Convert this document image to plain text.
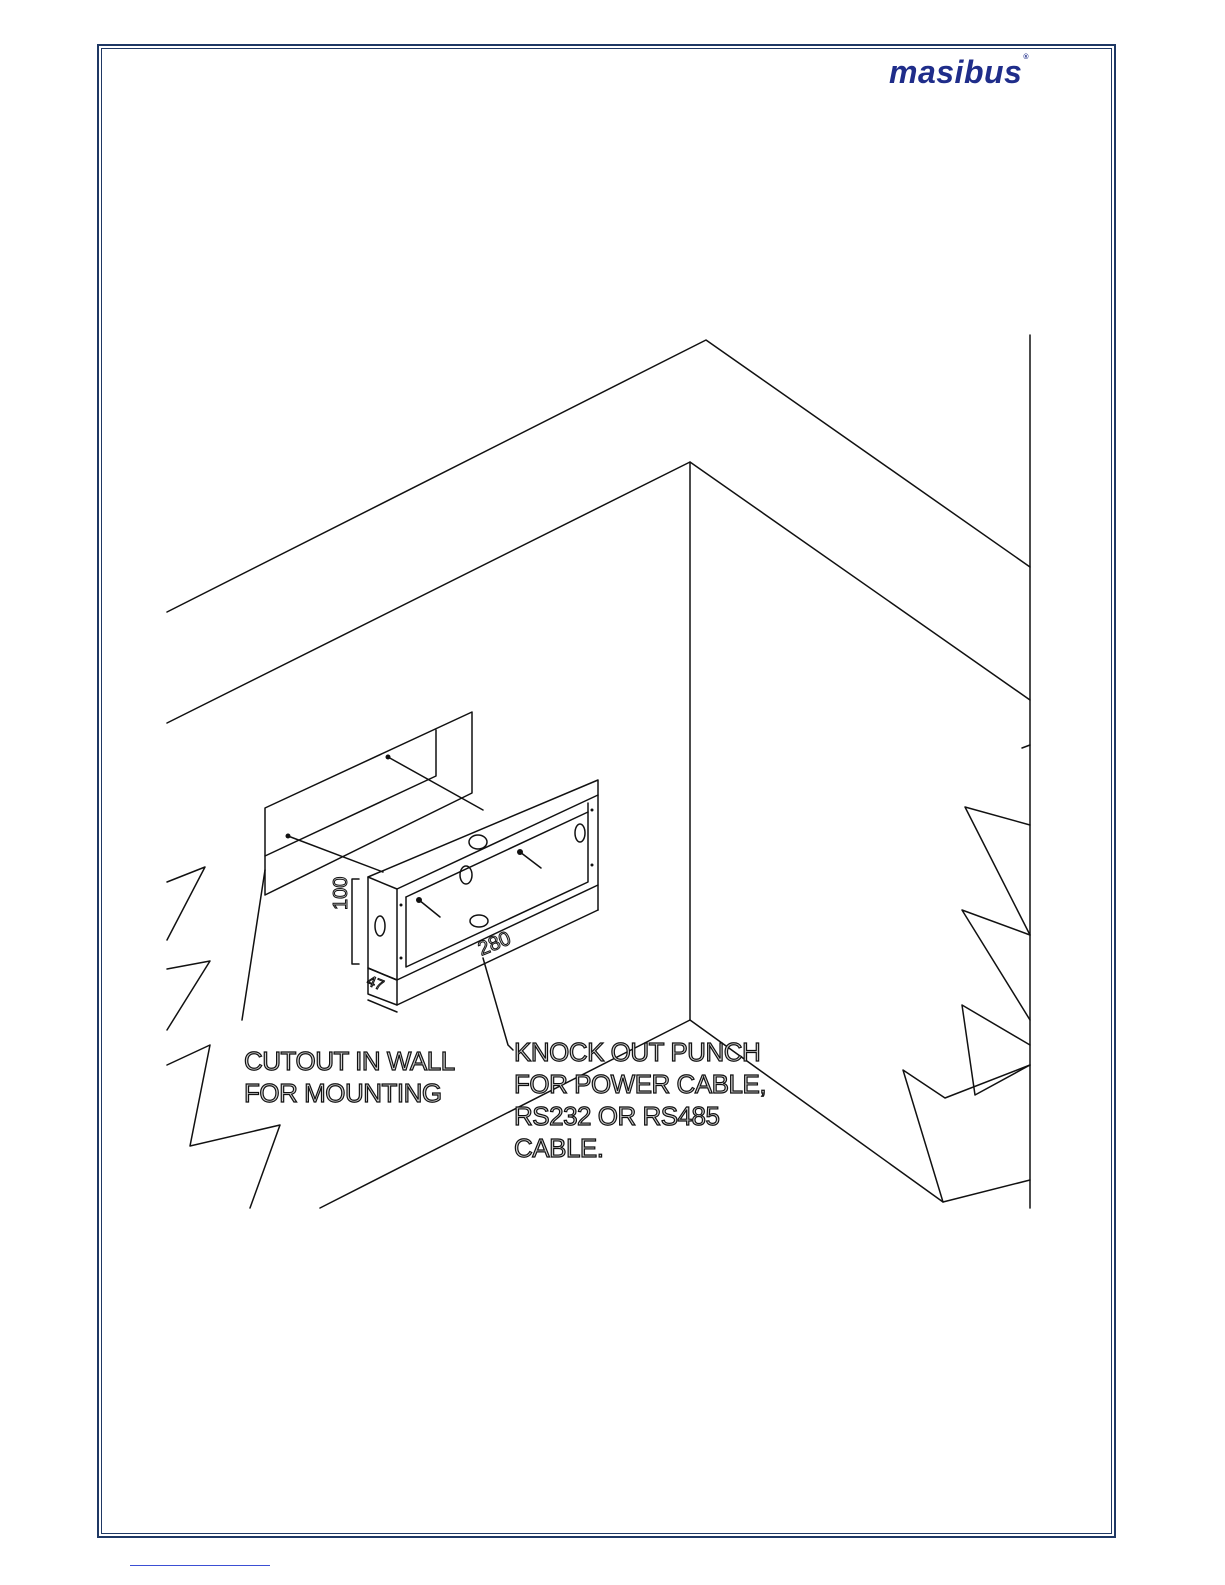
masibus®
100
280
47
CUTOUT IN WALL
FOR MOUNTING
KNOCK OUT PUNCH
FOR POWER CABLE,
RS232 OR RS485
CABLE.
